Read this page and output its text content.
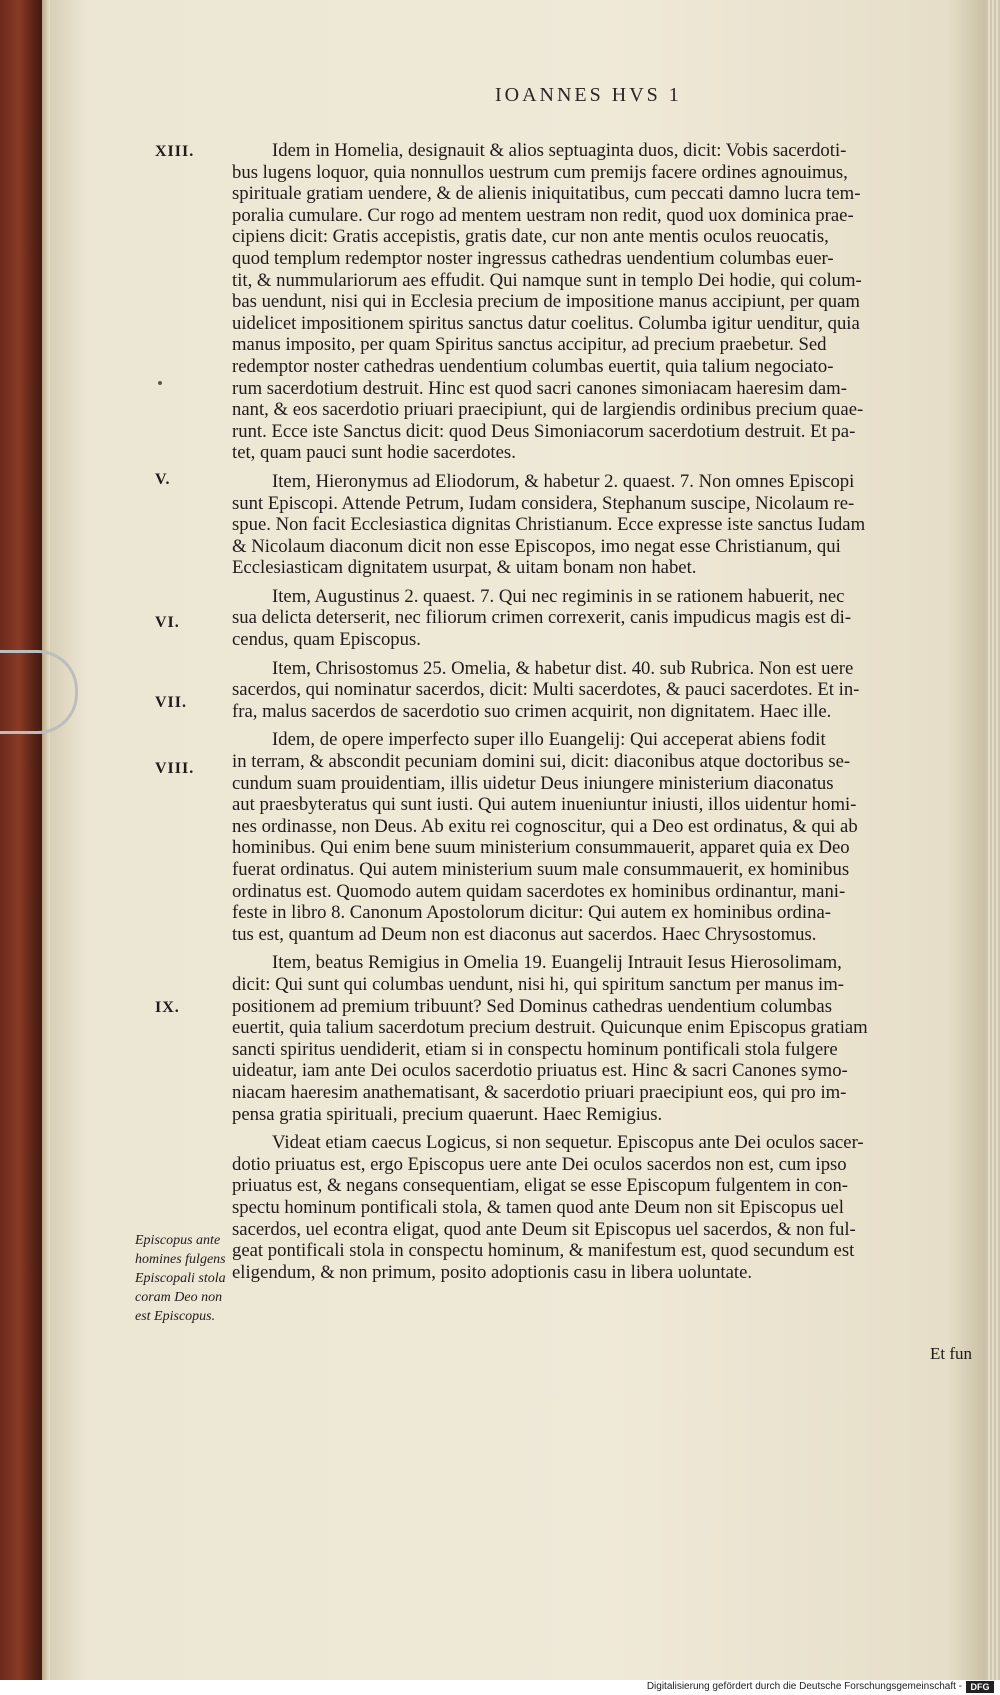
IOANNES HVS 1
XIII.
V.
VI.
VII.
VIII.
IX.
Idem in Homelia, designauit & alios septuaginta duos, dicit: Vobis sacerdoti-
bus lugens loquor, quia nonnullos uestrum cum premijs facere ordines agnouimus,
spirituale gratiam uendere, & de alienis iniquitatibus, cum peccati damno lucra tem-
poralia cumulare. Cur rogo ad mentem uestram non redit, quod uox dominica prae-
cipiens dicit: Gratis accepistis, gratis date, cur non ante mentis oculos reuocatis,
quod templum redemptor noster ingressus cathedras uendentium columbas euer-
tit, & nummulariorum aes effudit. Qui namque sunt in templo Dei hodie, qui colum-
bas uendunt, nisi qui in Ecclesia precium de impositione manus accipiunt, per quam
uidelicet impositionem spiritus sanctus datur coelitus. Columba igitur uenditur, quia
manus imposito, per quam Spiritus sanctus accipitur, ad precium praebetur. Sed
redemptor noster cathedras uendentium columbas euertit, quia talium negociato-
rum sacerdotium destruit. Hinc est quod sacri canones simoniacam haeresim dam-
nant, & eos sacerdotio priuari praecipiunt, qui de largiendis ordinibus precium quae-
runt. Ecce iste Sanctus dicit: quod Deus Simoniacorum sacerdotium destruit. Et pa-
tet, quam pauci sunt hodie sacerdotes.
Item, Hieronymus ad Eliodorum, & habetur 2. quaest. 7. Non omnes Episcopi
sunt Episcopi. Attende Petrum, Iudam considera, Stephanum suscipe, Nicolaum re-
spue. Non facit Ecclesiastica dignitas Christianum. Ecce expresse iste sanctus Iudam
& Nicolaum diaconum dicit non esse Episcopos, imo negat esse Christianum, qui
Ecclesiasticam dignitatem usurpat, & uitam bonam non habet.
Item, Augustinus 2. quaest. 7. Qui nec regiminis in se rationem habuerit, nec
sua delicta deterserit, nec filiorum crimen correxerit, canis impudicus magis est di-
cendus, quam Episcopus.
Item, Chrisostomus 25. Omelia, & habetur dist. 40. sub Rubrica. Non est uere
sacerdos, qui nominatur sacerdos, dicit: Multi sacerdotes, & pauci sacerdotes. Et in-
fra, malus sacerdos de sacerdotio suo crimen acquirit, non dignitatem. Haec ille.
Idem, de opere imperfecto super illo Euangelij: Qui acceperat abiens fodit
in terram, & abscondit pecuniam domini sui, dicit: diaconibus atque doctoribus se-
cundum suam prouidentiam, illis uidetur Deus iniungere ministerium diaconatus
aut praesbyteratus qui sunt iusti. Qui autem inueniuntur iniusti, illos uidentur homi-
nes ordinasse, non Deus. Ab exitu rei cognoscitur, qui a Deo est ordinatus, & qui ab
hominibus. Qui enim bene suum ministerium consummauerit, apparet quia ex Deo
fuerat ordinatus. Qui autem ministerium suum male consummauerit, ex hominibus
ordinatus est. Quomodo autem quidam sacerdotes ex hominibus ordinantur, mani-
feste in libro 8. Canonum Apostolorum dicitur: Qui autem ex hominibus ordina-
tus est, quantum ad Deum non est diaconus aut sacerdos. Haec Chrysostomus.
Item, beatus Remigius in Omelia 19. Euangelij Intrauit Iesus Hierosolimam,
dicit: Qui sunt qui columbas uendunt, nisi hi, qui spiritum sanctum per manus im-
positionem ad premium tribuunt? Sed Dominus cathedras uendentium columbas
euertit, quia talium sacerdotum precium destruit. Quicunque enim Episcopus gratiam
sancti spiritus uendiderit, etiam si in conspectu hominum pontificali stola fulgere
uideatur, iam ante Dei oculos sacerdotio priuatus est. Hinc & sacri Canones symo-
niacam haeresim anathematisant, & sacerdotio priuari praecipiunt eos, qui pro im-
pensa gratia spirituali, precium quaerunt. Haec Remigius.
Videat etiam caecus Logicus, si non sequetur. Episcopus ante Dei oculos sacer-
dotio priuatus est, ergo Episcopus uere ante Dei oculos sacerdos non est, cum ipso
priuatus est, & negans consequentiam, eligat se esse Episcopum fulgentem in con-
spectu hominum pontificali stola, & tamen quod ante Deum non sit Episcopus uel
sacerdos, uel econtra eligat, quod ante Deum sit Episcopus uel sacerdos, & non ful-
geat pontificali stola in conspectu hominum, & manifestum est, quod secundum est
eligendum, & non primum, posito adoptionis casu in libera uoluntate.
Episcopus ante
homines fulgens
Episcopali stola
coram Deo non
est Episcopus.
Et fun
Digitalisierung gefördert durch die Deutsche Forschungsgemeinschaft - DFG
